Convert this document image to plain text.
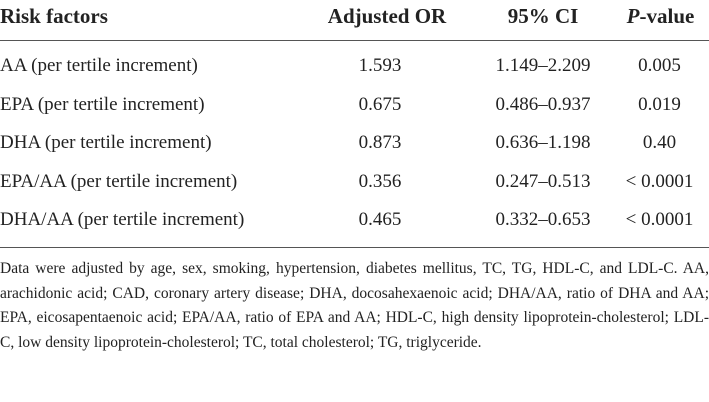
Risk factors	Adjusted OR	95% CI	P-value
AA (per tertile increment)	1.593	1.149–2.209	0.005
EPA (per tertile increment)	0.675	0.486–0.937	0.019
DHA (per tertile increment)	0.873	0.636–1.198	0.40
EPA/AA (per tertile increment)	0.356	0.247–0.513	< 0.0001
DHA/AA (per tertile increment)	0.465	0.332–0.653	< 0.0001
Data were adjusted by age, sex, smoking, hypertension, diabetes mellitus, TC, TG, HDL-C, and LDL-C. AA, arachidonic acid; CAD, coronary artery disease; DHA, docosahexaenoic acid; DHA/AA, ratio of DHA and AA; EPA, eicosapentaenoic acid; EPA/AA, ratio of EPA and AA; HDL-C, high density lipoprotein-cholesterol; LDL-C, low density lipoprotein-cholesterol; TC, total cholesterol; TG, triglyceride.
